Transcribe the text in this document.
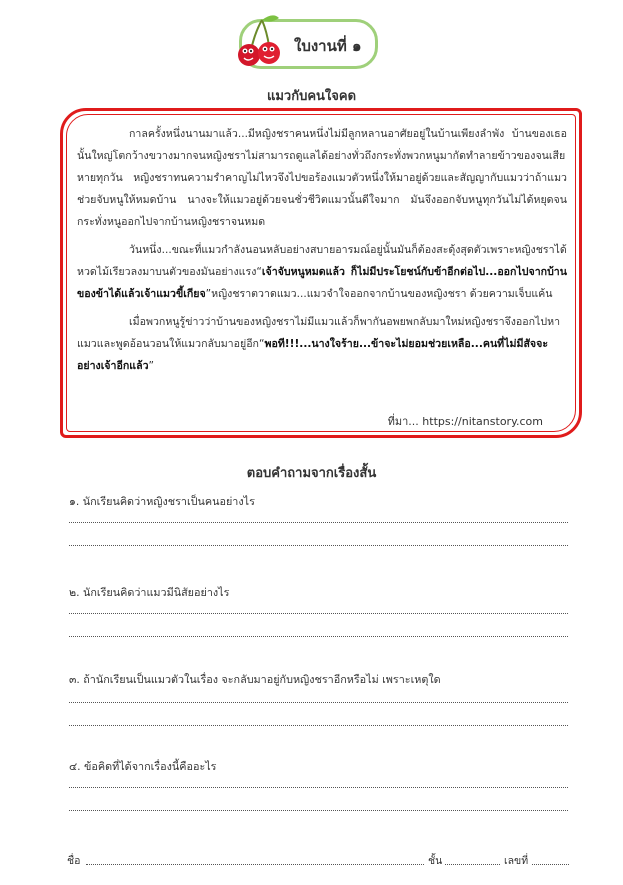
ใบงานที่ ๑
แมวกับคนใจคด

กาลครั้งหนึ่งนานมาแล้ว...มีหญิงชราคนหนึ่งไม่มีลูกหลานอาศัยอยู่ในบ้านเพียงลำพัง บ้านของเธอนั้นใหญ่โตกว้างขวางมากจนหญิงชราไม่สามารถดูแลได้อย่างทั่วถึงกระทั่งพวกหนูมากัดทำลายข้าวของจนเสียหายทุกวัน หญิงชราทนความรำคาญไม่ไหวจึงไปขอร้องแมวตัวหนึ่งให้มาอยู่ด้วยและสัญญากับแมวว่าถ้าแมวช่วยจับหนูให้หมดบ้าน นางจะให้แมวอยู่ด้วยจนชั่วชีวิตแมวนั้นดีใจมาก มันจึงออกจับหนูทุกวันไม่ได้หยุดจนกระทั่งหนูออกไปจากบ้านหญิงชราจนหมด

วันหนึ่ง...ขณะที่แมวกำลังนอนหลับอย่างสบายอารมณ์อยู่นั้นมันก็ต้องสะดุ้งสุดตัวเพราะหญิงชราได้หวดไม้เรียวลงมาบนตัวของมันอย่างแรง“เจ้าจับหนูหมดแล้ว ก็ไม่มีประโยชน์กับข้าอีกต่อไป...ออกไปจากบ้านของข้าได้แล้วเจ้าแมวขี้เกียจ”หญิงชราตวาดแมว...แมวจำใจออกจากบ้านของหญิงชรา ด้วยความเจ็บแค้น

เมื่อพวกหนูรู้ข่าวว่าบ้านของหญิงชราไม่มีแมวแล้วก็พากันอพยพกลับมาใหม่หญิงชราจึงออกไปหาแมวและพูดอ้อนวอนให้แมวกลับมาอยู่อีก“พอที!!!...นางใจร้าย...ข้าจะไม่ยอมช่วยเหลือ...คนที่ไม่มีสัจจะอย่างเจ้าอีกแล้ว”

ที่มา... https://nitanstory.com
ตอบคำถามจากเรื่องสั้น
๑. นักเรียนคิดว่าหญิงชราเป็นคนอย่างไร
๒. นักเรียนคิดว่าแมวมีนิสัยอย่างไร
๓. ถ้านักเรียนเป็นแมวตัวในเรื่อง จะกลับมาอยู่กับหญิงชราอีกหรือไม่ เพราะเหตุใด
๔. ข้อคิดที่ได้จากเรื่องนี้คืออะไร
ชื่อ	ชั้น	เลขที่
